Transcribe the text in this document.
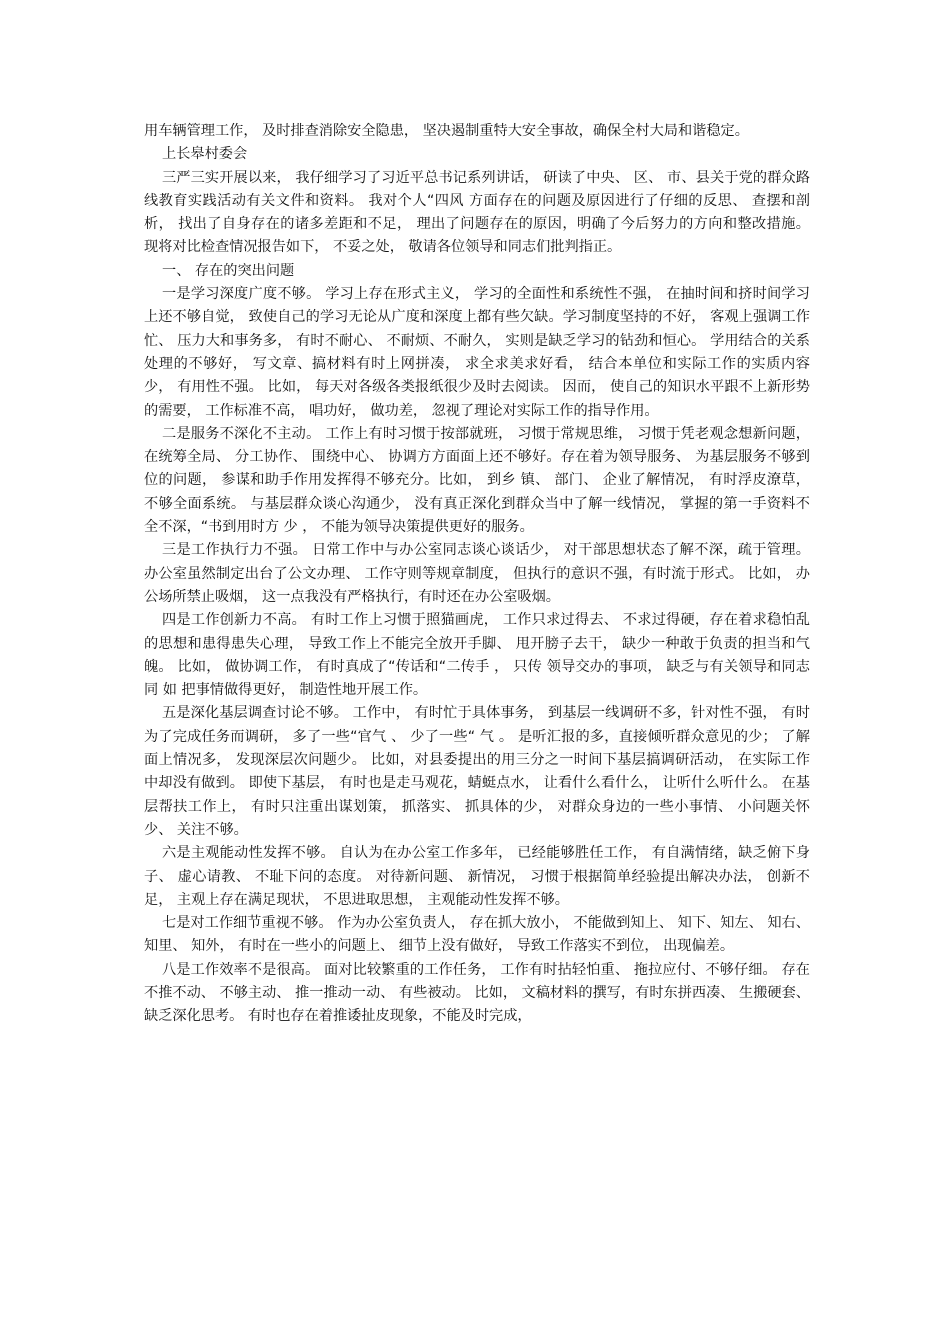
用车辆管理工作， 及时排查消除安全隐患， 坚决遏制重特大安全事故，确保全村大局和谐稳定。

上长皋村委会

三严三实开展以来， 我仔细学习了习近平总书记系列讲话， 研读了中央、 区、 市、县关于党的群众路线教育实践活动有关文件和资料。 我对个人“四风 方面存在的问题及原因进行了仔细的反思、 查摆和剖析， 找出了自身存在的诸多差距和不足， 理出了问题存在的原因，明确了今后努力的方向和整改措施。 现将对比检查情况报告如下， 不妥之处， 敬请各位领导和同志们批判指正。

一、 存在的突出问题

一是学习深度广度不够。 学习上存在形式主义， 学习的全面性和系统性不强， 在抽时间和挤时间学习上还不够自觉， 致使自己的学习无论从广度和深度上都有些欠缺。学习制度坚持的不好， 客观上强调工作忙、 压力大和事务多， 有时不耐心、 不耐烦、不耐久， 实则是缺乏学习的钻劲和恒心。 学用结合的关系处理的不够好， 写文章、搞材料有时上网拼凑， 求全求美求好看， 结合本单位和实际工作的实质内容少， 有用性不强。 比如， 每天对各级各类报纸很少及时去阅读。 因而， 使自己的知识水平跟不上新形势的需要， 工作标准不高， 唱功好， 做功差， 忽视了理论对实际工作的指导作用。

二是服务不深化不主动。 工作上有时习惯于按部就班， 习惯于常规思维， 习惯于凭老观念想新问题， 在统筹全局、 分工协作、 围绕中心、 协调方方面面上还不够好。存在着为领导服务、 为基层服务不够到位的问题， 参谋和助手作用发挥得不够充分。比如， 到乡 镇、 部门、 企业了解情况， 有时浮皮潦草， 不够全面系统。 与基层群众谈心沟通少， 没有真正深化到群众当中了解一线情况， 掌握的第一手资料不全不深，“书到用时方 少 ， 不能为领导决策提供更好的服务。

三是工作执行力不强。 日常工作中与办公室同志谈心谈话少， 对干部思想状态了解不深，疏于管理。 办公室虽然制定出台了公文办理、 工作守则等规章制度， 但执行的意识不强，有时流于形式。 比如， 办公场所禁止吸烟， 这一点我没有严格执行，有时还在办公室吸烟。

四是工作创新力不高。 有时工作上习惯于照猫画虎， 工作只求过得去、 不求过得硬，存在着求稳怕乱的思想和患得患失心理， 导致工作上不能完全放开手脚、 甩开膀子去干， 缺少一种敢于负责的担当和气魄。 比如， 做协调工作， 有时真成了“传话和“二传手 ， 只传 领导交办的事项， 缺乏与有关领导和同志 同 如 把事情做得更好， 制造性地开展工作。

五是深化基层调查讨论不够。 工作中， 有时忙于具体事务， 到基层一线调研不多，针对性不强， 有时为了完成任务而调研， 多了一些“官气 、 少了一些“ 气 。 是听汇报的多，直接倾听群众意见的少； 了解面上情况多， 发现深层次问题少。 比如，对县委提出的用三分之一时间下基层搞调研活动， 在实际工作中却没有做到。 即使下基层， 有时也是走马观花，蜻蜓点水， 让看什么看什么， 让听什么听什么。 在基层帮扶工作上， 有时只注重出谋划策， 抓落实、 抓具体的少， 对群众身边的一些小事情、 小问题关怀少、 关注不够。

六是主观能动性发挥不够。 自认为在办公室工作多年， 已经能够胜任工作， 有自满情绪，缺乏俯下身子、 虚心请教、 不耻下问的态度。 对待新问题、 新情况， 习惯于根据简单经验提出解决办法， 创新不足， 主观上存在满足现状， 不思进取思想， 主观能动性发挥不够。

七是对工作细节重视不够。 作为办公室负责人， 存在抓大放小， 不能做到知上、 知下、知左、 知右、 知里、 知外， 有时在一些小的问题上、 细节上没有做好， 导致工作落实不到位， 出现偏差。

八是工作效率不是很高。 面对比较繁重的工作任务， 工作有时拈轻怕重、 拖拉应付、不够仔细。 存在不推不动、 不够主动、 推一推动一动、 有些被动。 比如， 文稿材料的撰写，有时东拼西凑、 生搬硬套、 缺乏深化思考。 有时也存在着推诿扯皮现象，不能及时完成，
